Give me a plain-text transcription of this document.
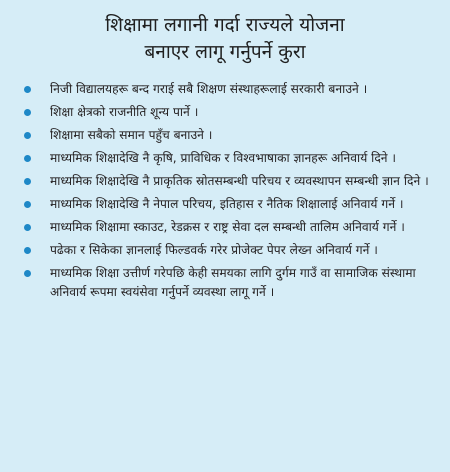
शिक्षामा लगानी गर्दा राज्यले योजना
बनाएर लागू गर्नुपर्ने कुरा
निजी विद्यालयहरू बन्द गराई सबै शिक्षण संस्थाहरूलाई सरकारी बनाउने ।
शिक्षा क्षेत्रको राजनीति शून्य पार्ने ।
शिक्षामा सबैको समान पहुँच बनाउने ।
माध्यमिक शिक्षादेखि नै कृषि, प्राविधिक र विश्वभाषाका ज्ञानहरू अनिवार्य दिने ।
माध्यमिक शिक्षादेखि नै प्राकृतिक स्रोतसम्बन्धी परिचय र व्यवस्थापन सम्बन्धी ज्ञान दिने ।
माध्यमिक शिक्षादेखि नै नेपाल परिचय, इतिहास र नैतिक शिक्षालाई अनिवार्य गर्ने ।
माध्यमिक शिक्षामा स्काउट, रेडक्रस र राष्ट्र सेवा दल सम्बन्धी तालिम अनिवार्य गर्ने ।
पढेका र सिकेका ज्ञानलाई फिल्डवर्क गरेर प्रोजेक्ट पेपर लेख्न अनिवार्य गर्ने ।
माध्यमिक शिक्षा उत्तीर्ण गरेपछि केही समयका लागि दुर्गम गाउँ वा सामाजिक संस्थामा अनिवार्य रूपमा स्वयंसेवा गर्नुपर्ने व्यवस्था लागू गर्ने ।
